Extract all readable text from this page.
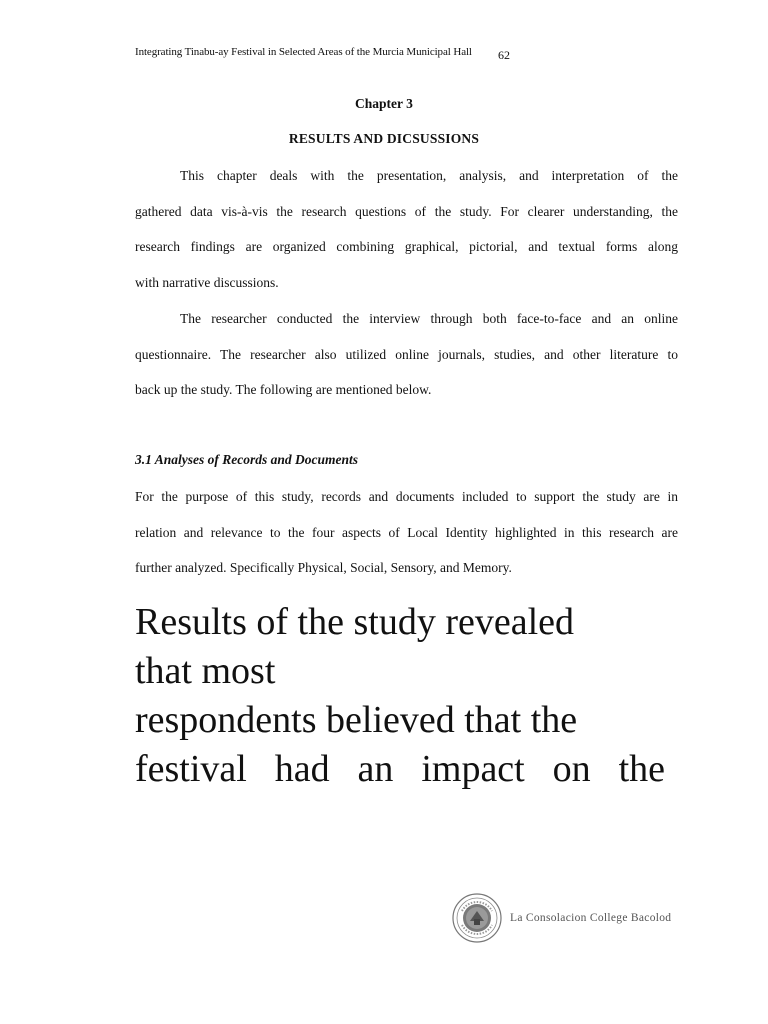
Integrating Tinabu-ay Festival in Selected Areas of the Murcia Municipal Hall 62
Chapter 3
RESULTS AND DICSUSSIONS
This chapter deals with the presentation, analysis, and interpretation of the
gathered data vis-à-vis the research questions of the study. For clearer understanding, the
research findings are organized combining graphical, pictorial, and textual forms along
with narrative discussions.
The researcher conducted the interview through both face-to-face and an online
questionnaire. The researcher also utilized online journals, studies, and other literature to
back up the study. The following are mentioned below.
3.1 Analyses of Records and Documents
For the purpose of this study, records and documents included to support the study are in
relation and relevance to the four aspects of Local Identity highlighted in this research are
further analyzed. Specifically Physical, Social, Sensory, and Memory.
Results of the study revealed
that most
respondents believed that the
festival had an impact on the
La Consolacion College Bacolod
